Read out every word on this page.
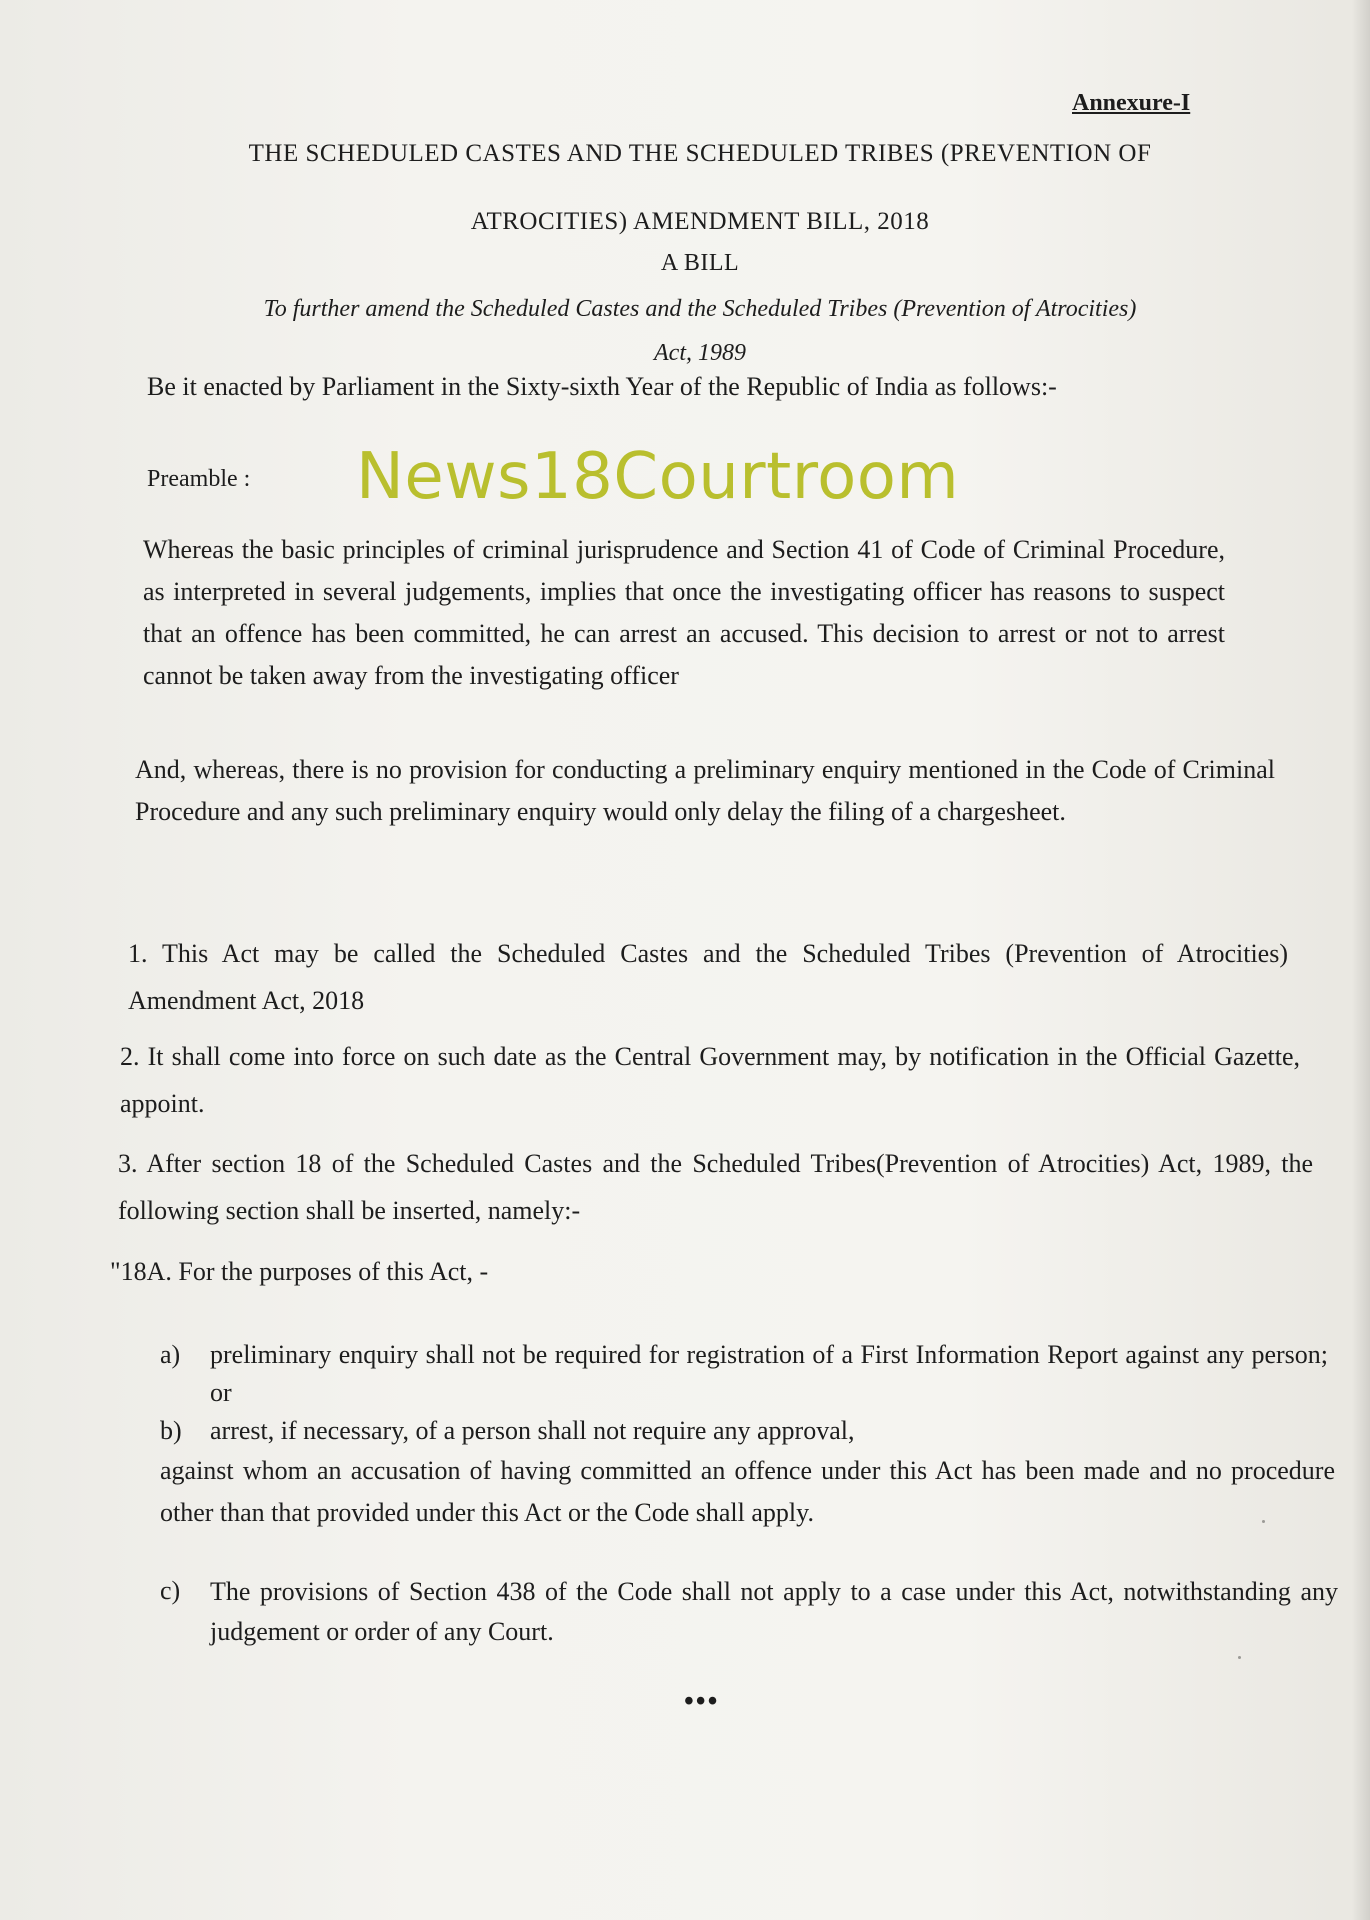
Annexure-I
THE SCHEDULED CASTES AND THE SCHEDULED TRIBES (PREVENTION OF
ATROCITIES) AMENDMENT BILL, 2018
A BILL
To further amend the Scheduled Castes and the Scheduled Tribes (Prevention of Atrocities)
Act, 1989
Be it enacted by Parliament in the Sixty-sixth Year of the Republic of India as follows:-
Preamble : News18Courtroom
Whereas the basic principles of criminal jurisprudence and Section 41 of Code of Criminal Procedure, as interpreted in several judgements, implies that once the investigating officer has reasons to suspect that an offence has been committed, he can arrest an accused. This decision to arrest or not to arrest cannot be taken away from the investigating officer
And, whereas, there is no provision for conducting a preliminary enquiry mentioned in the Code of Criminal Procedure and any such preliminary enquiry would only delay the filing of a chargesheet.
1. This Act may be called the Scheduled Castes and the Scheduled Tribes (Prevention of Atrocities) Amendment Act, 2018
2. It shall come into force on such date as the Central Government may, by notification in the Official Gazette, appoint.
3. After section 18 of the Scheduled Castes and the Scheduled Tribes(Prevention of Atrocities) Act, 1989, the following section shall be inserted, namely:-
"18A. For the purposes of this Act, -
a) preliminary enquiry shall not be required for registration of a First Information Report against any person; or
b) arrest, if necessary, of a person shall not require any approval,
against whom an accusation of having committed an offence under this Act has been made and no procedure other than that provided under this Act or the Code shall apply.
c) The provisions of Section 438 of the Code shall not apply to a case under this Act, notwithstanding any judgement or order of any Court.
•••
